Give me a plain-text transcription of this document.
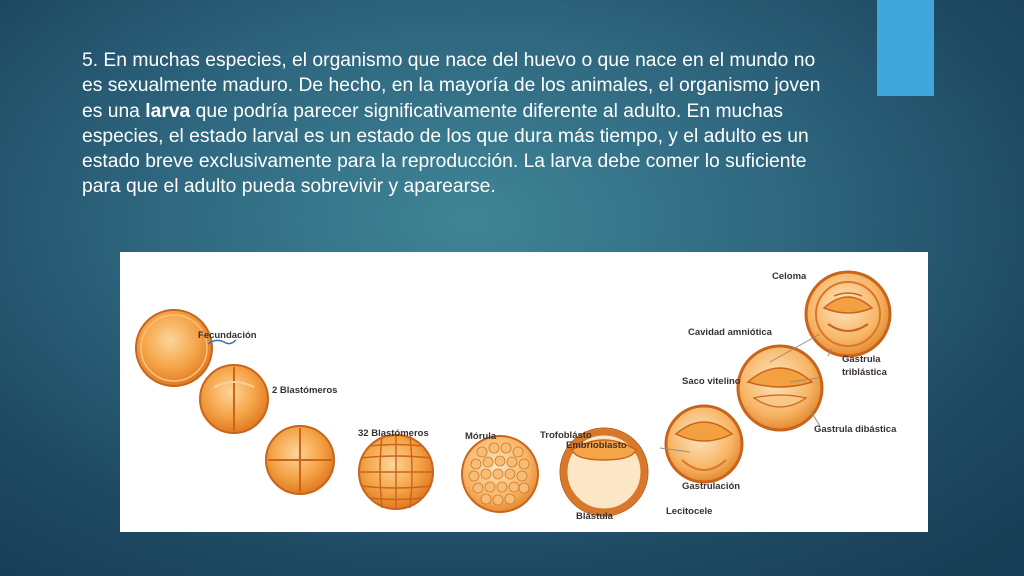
5. En muchas especies, el organismo que nace del huevo o que nace en el mundo no es sexualmente maduro. De hecho, en la mayoría de los animales, el organismo joven es una larva que podría parecer significativamente diferente al adulto. En muchas especies, el estado larval es un estado de los que dura más tiempo, y el adulto es un estado breve exclusivamente para la reproducción. La larva debe comer lo suficiente para que el adulto pueda sobrevivir y aparearse.
Fecundación
2 Blastómeros
32 Blastómeros	Mórula	Trofoblásto
Embrioblasto
Blástula	Lecitocele
Gastrulación
Saco vitelino
Cavidad amniótica
Gastrula dibástica
Gastrula
triblástica
Celoma
